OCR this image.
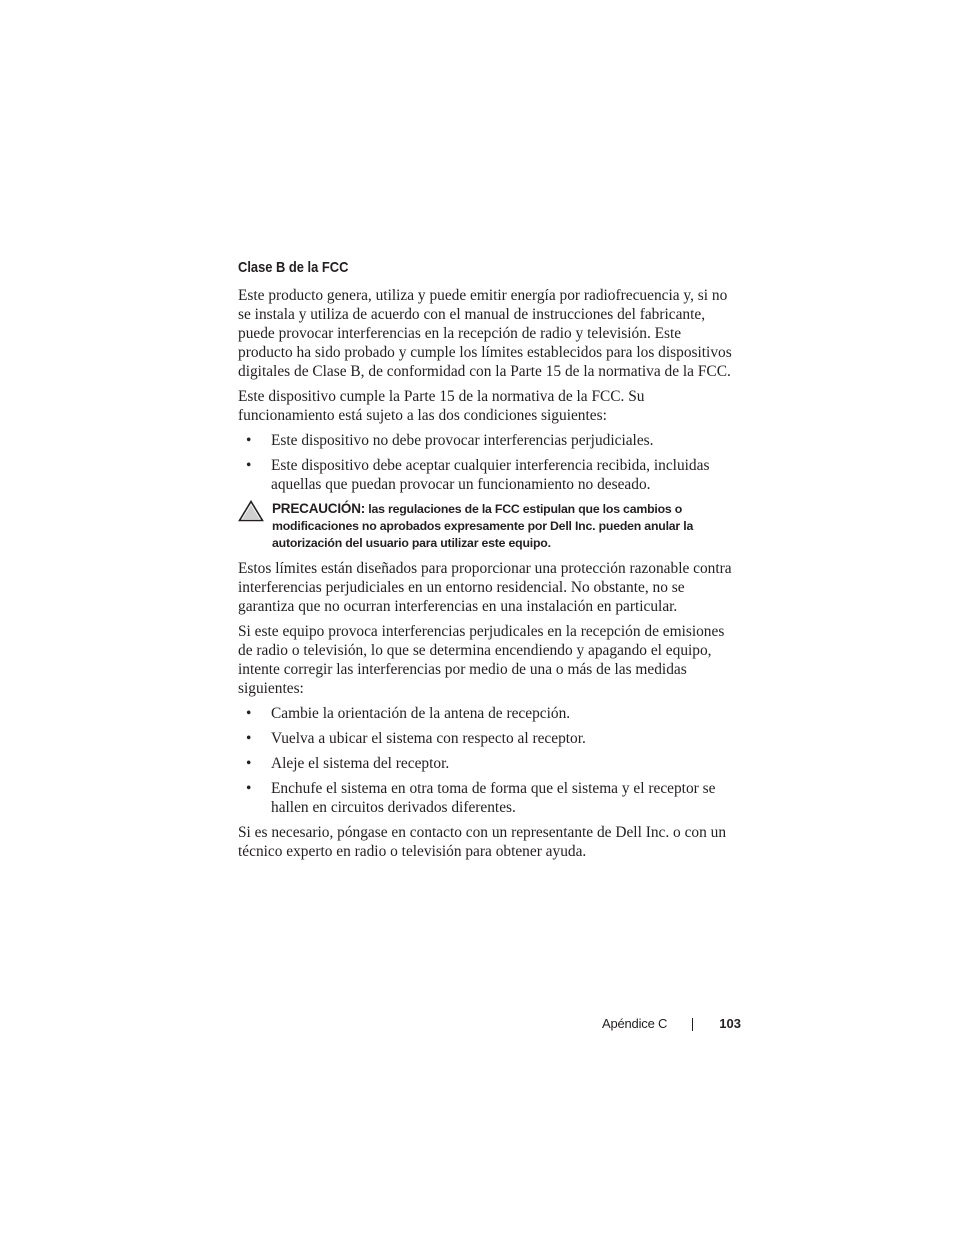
Clase B de la FCC

Este producto genera, utiliza y puede emitir energía por radiofrecuencia y, si no se instala y utiliza de acuerdo con el manual de instrucciones del fabricante, puede provocar interferencias en la recepción de radio y televisión. Este producto ha sido probado y cumple los límites establecidos para los dispositivos digitales de Clase B, de conformidad con la Parte 15 de la normativa de la FCC.

Este dispositivo cumple la Parte 15 de la normativa de la FCC. Su funcionamiento está sujeto a las dos condiciones siguientes:

• Este dispositivo no debe provocar interferencias perjudiciales.
• Este dispositivo debe aceptar cualquier interferencia recibida, incluidas aquellas que puedan provocar un funcionamiento no deseado.
PRECAUCIÓN: las regulaciones de la FCC estipulan que los cambios o modificaciones no aprobados expresamente por Dell Inc. pueden anular la autorización del usuario para utilizar este equipo.

Estos límites están diseñados para proporcionar una protección razonable contra interferencias perjudiciales en un entorno residencial. No obstante, no se garantiza que no ocurran interferencias en una instalación en particular.

Si este equipo provoca interferencias perjudicales en la recepción de emisiones de radio o televisión, lo que se determina encendiendo y apagando el equipo, intente corregir las interferencias por medio de una o más de las medidas siguientes:

• Cambie la orientación de la antena de recepción.
• Vuelva a ubicar el sistema con respecto al receptor.
• Aleje el sistema del receptor.
• Enchufe el sistema en otra toma de forma que el sistema y el receptor se hallen en circuitos derivados diferentes.

Si es necesario, póngase en contacto con un representante de Dell Inc. o con un técnico experto en radio o televisión para obtener ayuda.

Apéndice C	103
